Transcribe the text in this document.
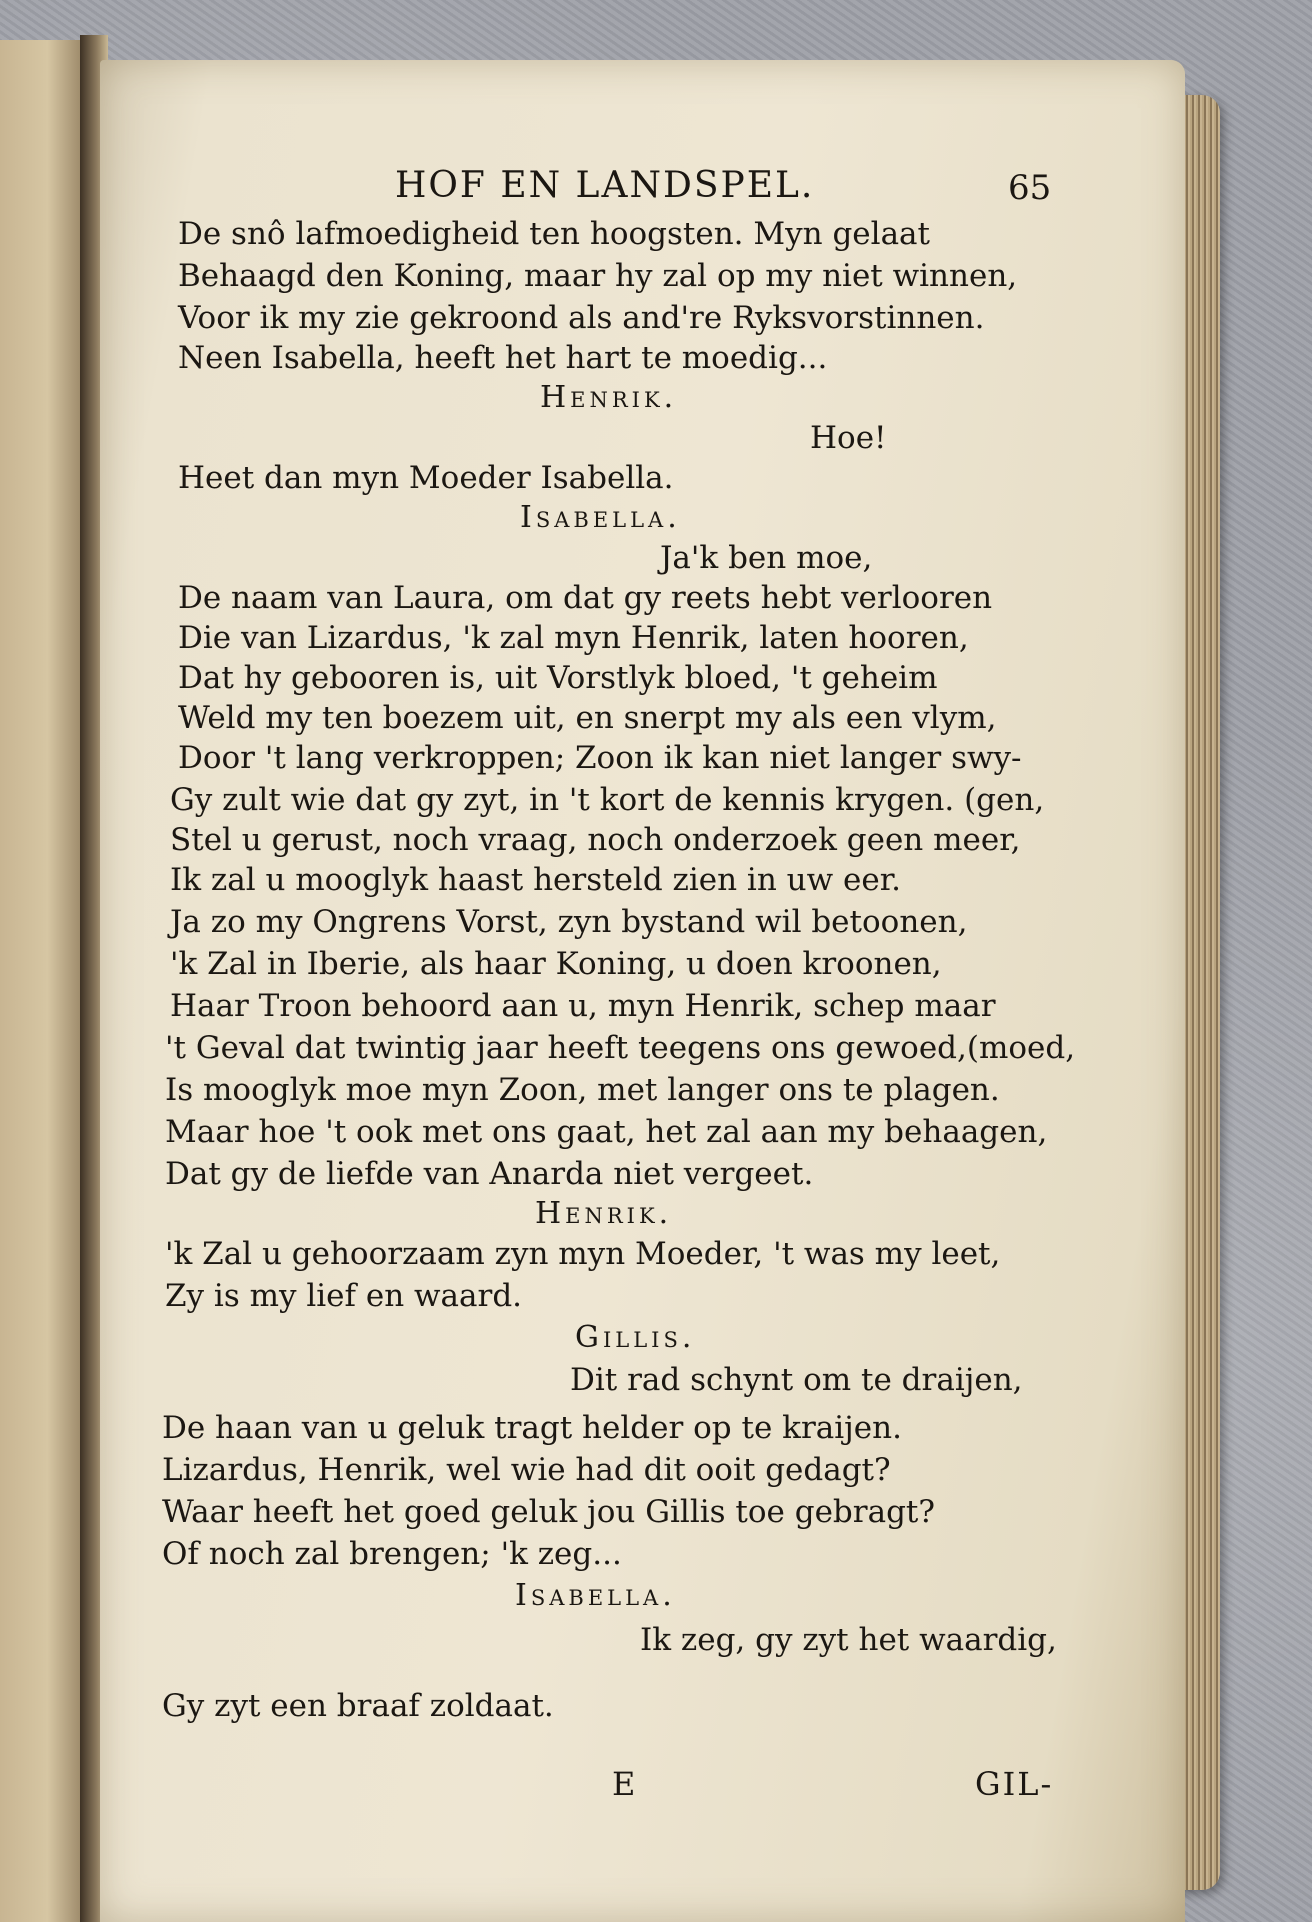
HOF EN LANDSPEL.	65
De snô lafmoedigheid ten hoogsten. Myn gelaat
Behaagd den Koning, maar hy zal op my niet winnen,
Voor ik my zie gekroond als and're Ryksvorstinnen.
Neen Isabella, heeft het hart te moedig...
Henrik.
Hoe!
Heet dan myn Moeder Isabella.
Isabella.
Ja'k ben moe,
De naam van Laura, om dat gy reets hebt verlooren
Die van Lizardus, 'k zal myn Henrik, laten hooren,
Dat hy gebooren is, uit Vorstlyk bloed, 't geheim
Weld my ten boezem uit, en snerpt my als een vlym,
Door 't lang verkroppen; Zoon ik kan niet langer swy-
Gy zult wie dat gy zyt, in 't kort de kennis krygen. (gen,
Stel u gerust, noch vraag, noch onderzoek geen meer,
Ik zal u mooglyk haast hersteld zien in uw eer.
Ja zo my Ongrens Vorst, zyn bystand wil betoonen,
'k Zal in Iberie, als haar Koning, u doen kroonen,
Haar Troon behoord aan u, myn Henrik, schep maar
't Geval dat twintig jaar heeft teegens ons gewoed,(moed,
Is mooglyk moe myn Zoon, met langer ons te plagen.
Maar hoe 't ook met ons gaat, het zal aan my behaagen,
Dat gy de liefde van Anarda niet vergeet.
Henrik.
'k Zal u gehoorzaam zyn myn Moeder, 't was my leet,
Zy is my lief en waard.
Gillis.
Dit rad schynt om te draijen,
De haan van u geluk tragt helder op te kraijen.
Lizardus, Henrik, wel wie had dit ooit gedagt?
Waar heeft het goed geluk jou Gillis toe gebragt?
Of noch zal brengen; 'k zeg...
Isabella.
Ik zeg, gy zyt het waardig,
Gy zyt een braaf zoldaat.
E	GIL-
